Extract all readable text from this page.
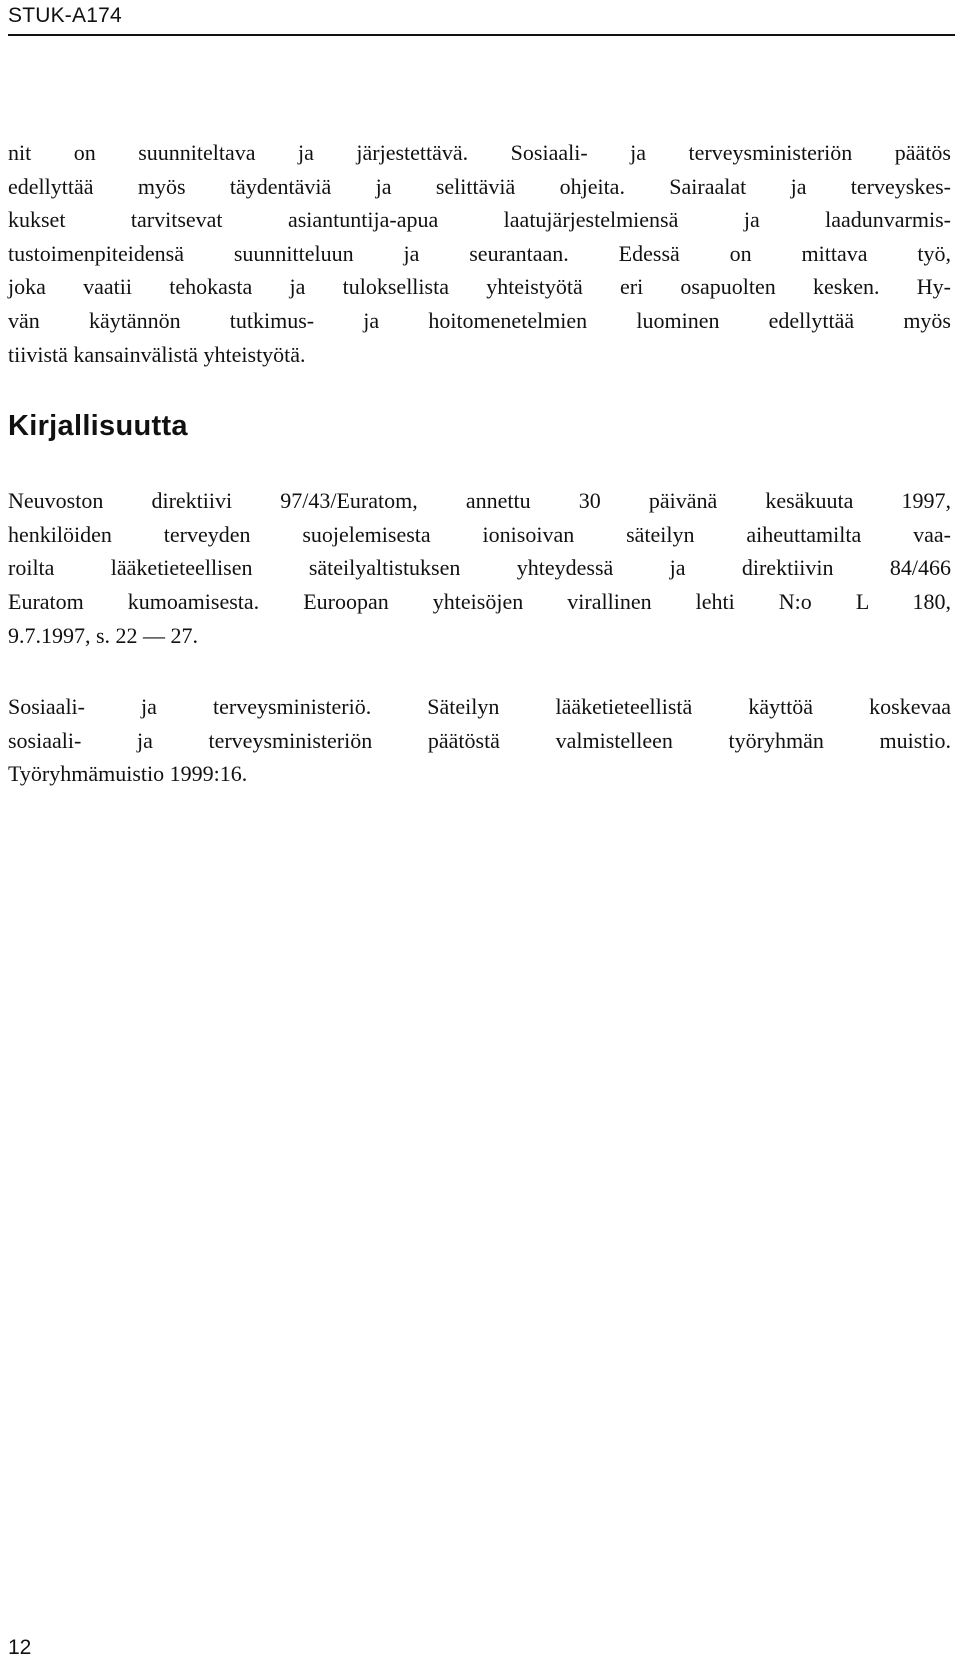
STUK-A174
nit on suunniteltava ja järjestettävä. Sosiaali- ja terveysministeriön päätös
edellyttää myös täydentäviä ja selittäviä ohjeita. Sairaalat ja terveyskes-
kukset tarvitsevat asiantuntija-apua laatujärjestelmiensä ja laadunvarmis-
tustoimenpiteidensä suunnitteluun ja seurantaan. Edessä on mittava työ,
joka vaatii tehokasta ja tuloksellista yhteistyötä eri osapuolten kesken. Hy-
vän käytännön tutkimus- ja hoitomenetelmien luominen edellyttää myös
tiivistä kansainvälistä yhteistyötä.
Kirjallisuutta
Neuvoston direktiivi 97/43/Euratom, annettu 30 päivänä kesäkuuta 1997,
henkilöiden terveyden suojelemisesta ionisoivan säteilyn aiheuttamilta vaa-
roilta lääketieteellisen säteilyaltistuksen yhteydessä ja direktiivin 84/466
Euratom kumoamisesta. Euroopan yhteisöjen virallinen lehti N:o L 180,
9.7.1997, s. 22 — 27.
Sosiaali- ja terveysministeriö. Säteilyn lääketieteellistä käyttöä koskevaa
sosiaali- ja terveysministeriön päätöstä valmistelleen työryhmän muistio.
Työryhmämuistio 1999:16.
12
